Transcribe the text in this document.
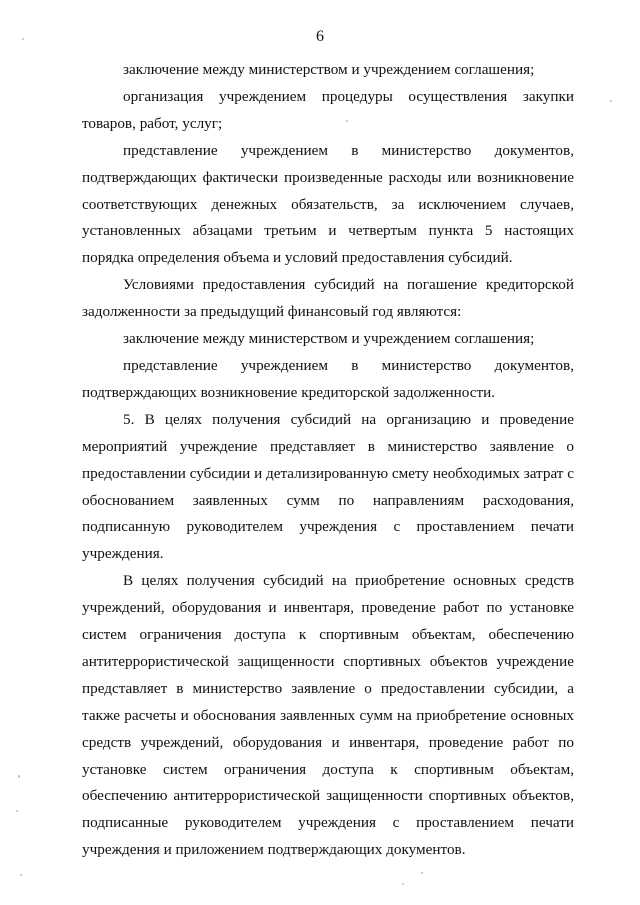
6

заключение между министерством и учреждением соглашения;

организация учреждением процедуры осуществления закупки товаров, работ, услуг;

представление учреждением в министерство документов, подтверждающих фактически произведенные расходы или возникновение соответствующих денежных обязательств, за исключением случаев, установленных абзацами третьим и четвертым пункта 5 настоящих порядка определения объема и условий предоставления субсидий.

Условиями предоставления субсидий на погашение кредиторской задолженности за предыдущий финансовый год являются:

заключение между министерством и учреждением соглашения;

представление учреждением в министерство документов, подтверждающих возникновение кредиторской задолженности.

5. В целях получения субсидий на организацию и проведение мероприятий учреждение представляет в министерство заявление о предоставлении субсидии и детализированную смету необходимых затрат с обоснованием заявленных сумм по направлениям расходования, подписанную руководителем учреждения с проставлением печати учреждения.

В целях получения субсидий на приобретение основных средств учреждений, оборудования и инвентаря, проведение работ по установке систем ограничения доступа к спортивным объектам, обеспечению антитеррористической защищенности спортивных объектов учреждение представляет в министерство заявление о предоставлении субсидии, а также расчеты и обоснования заявленных сумм на приобретение основных средств учреждений, оборудования и инвентаря, проведение работ по установке систем ограничения доступа к спортивным объектам, обеспечению антитеррористической защищенности спортивных объектов, подписанные руководителем учреждения с проставлением печати учреждения и приложением подтверждающих документов.
